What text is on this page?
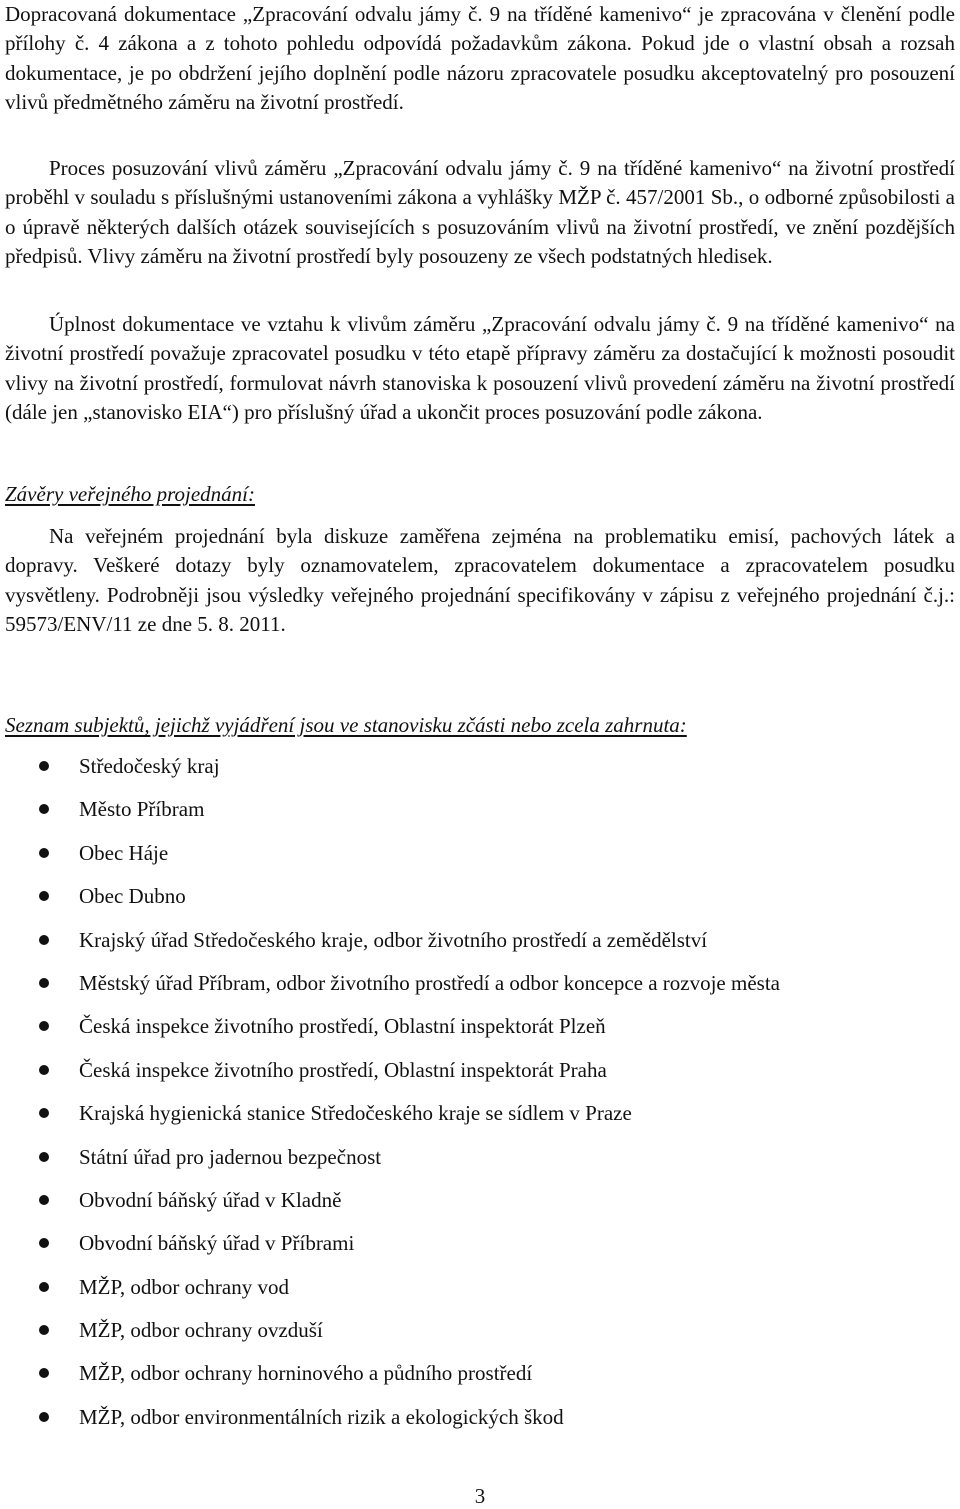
Dopracovaná dokumentace „Zpracování odvalu jámy č. 9 na tříděné kamenivo“ je zpracována v členění podle přílohy č. 4 zákona a z tohoto pohledu odpovídá požadavkům zákona. Pokud jde o vlastní obsah a rozsah dokumentace, je po obdržení jejího doplnění podle názoru zpracovatele posudku akceptovatelný pro posouzení vlivů předmětného záměru na životní prostředí.

Proces posuzování vlivů záměru „Zpracování odvalu jámy č. 9 na tříděné kamenivo“ na životní prostředí proběhl v souladu s příslušnými ustanoveními zákona a vyhlášky MŽP č. 457/2001 Sb., o odborné způsobilosti a o úpravě některých dalších otázek souvisejících s posuzováním vlivů na životní prostředí, ve znění pozdějších předpisů. Vlivy záměru na životní prostředí byly posouzeny ze všech podstatných hledisek.

Úplnost dokumentace ve vztahu k vlivům záměru „Zpracování odvalu jámy č. 9 na tříděné kamenivo“ na životní prostředí považuje zpracovatel posudku v této etapě přípravy záměru za dostačující k možnosti posoudit vlivy na životní prostředí, formulovat návrh stanoviska k posouzení vlivů provedení záměru na životní prostředí (dále jen „stanovisko EIA“) pro příslušný úřad a ukončit proces posuzování podle zákona.

Závěry veřejného projednání:

Na veřejném projednání byla diskuze zaměřena zejména na problematiku emisí, pachových látek a dopravy. Veškeré dotazy byly oznamovatelem, zpracovatelem dokumentace a zpracovatelem posudku vysvětleny. Podrobněji jsou výsledky veřejného projednání specifikovány v zápisu z veřejného projednání č.j.: 59573/ENV/11 ze dne 5. 8. 2011.

Seznam subjektů, jejichž vyjádření jsou ve stanovisku zčásti nebo zcela zahrnuta:

Středočeský kraj
Město Příbram
Obec Háje
Obec Dubno
Krajský úřad Středočeského kraje, odbor životního prostředí a zemědělství
Městský úřad Příbram, odbor životního prostředí a odbor koncepce a rozvoje města
Česká inspekce životního prostředí, Oblastní inspektorát Plzeň
Česká inspekce životního prostředí, Oblastní inspektorát Praha
Krajská hygienická stanice Středočeského kraje se sídlem v Praze
Státní úřad pro jadernou bezpečnost
Obvodní báňský úřad v Kladně
Obvodní báňský úřad v Příbrami
MŽP, odbor ochrany vod
MŽP, odbor ochrany ovzduší
MŽP, odbor ochrany horninového a půdního prostředí
MŽP, odbor environmentálních rizik a ekologických škod
3
